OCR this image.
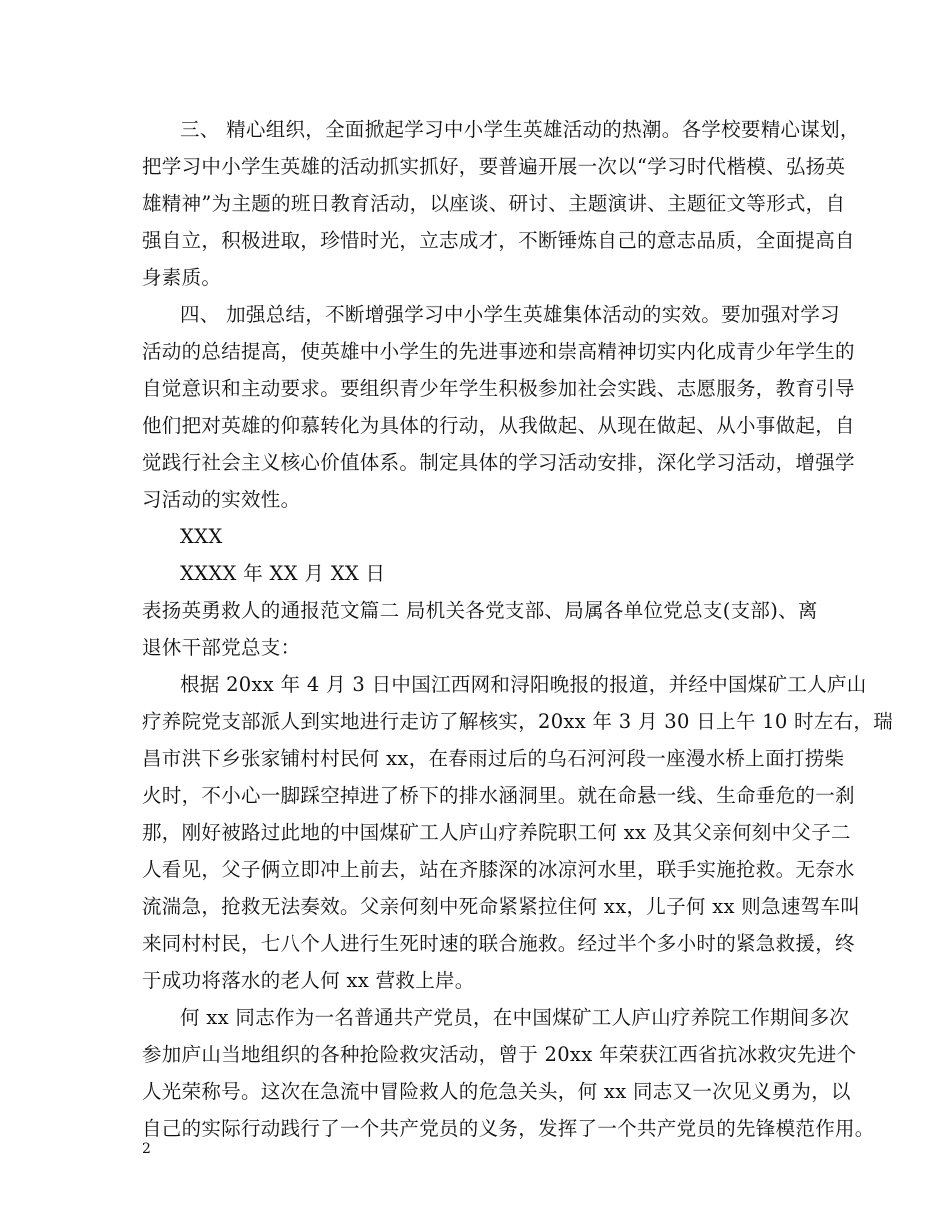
三、 精心组织，全面掀起学习中小学生英雄活动的热潮。各学校要精心谋划，
把学习中小学生英雄的活动抓实抓好，要普遍开展一次以“学习时代楷模、弘扬英
雄精神”为主题的班日教育活动，以座谈、研讨、主题演讲、主题征文等形式，自
强自立，积极进取，珍惜时光，立志成才，不断锤炼自己的意志品质，全面提高自
身素质。
四、 加强总结，不断增强学习中小学生英雄集体活动的实效。要加强对学习
活动的总结提高，使英雄中小学生的先进事迹和崇高精神切实内化成青少年学生的
自觉意识和主动要求。要组织青少年学生积极参加社会实践、志愿服务，教育引导
他们把对英雄的仰慕转化为具体的行动，从我做起、从现在做起、从小事做起，自
觉践行社会主义核心价值体系。制定具体的学习活动安排，深化学习活动，增强学
习活动的实效性。
XXX
XXXX 年 XX 月 XX 日
表扬英勇救人的通报范文篇二 局机关各党支部、局属各单位党总支(支部)、离
退休干部党总支：
根据 20xx 年 4 月 3 日中国江西网和浔阳晚报的报道，并经中国煤矿工人庐山
疗养院党支部派人到实地进行走访了解核实，20xx 年 3 月 30 日上午 10 时左右，瑞
昌市洪下乡张家铺村村民何 xx，在春雨过后的乌石河河段一座漫水桥上面打捞柴
火时，不小心一脚踩空掉进了桥下的排水涵洞里。就在命悬一线、生命垂危的一刹
那，刚好被路过此地的中国煤矿工人庐山疗养院职工何 xx 及其父亲何刻中父子二
人看见，父子俩立即冲上前去，站在齐膝深的冰凉河水里，联手实施抢救。无奈水
流湍急，抢救无法奏效。父亲何刻中死命紧紧拉住何 xx，儿子何 xx 则急速驾车叫
来同村村民，七八个人进行生死时速的联合施救。经过半个多小时的紧急救援，终
于成功将落水的老人何 xx 营救上岸。
何 xx 同志作为一名普通共产党员，在中国煤矿工人庐山疗养院工作期间多次
参加庐山当地组织的各种抢险救灾活动，曾于 20xx 年荣获江西省抗冰救灾先进个
人光荣称号。这次在急流中冒险救人的危急关头，何 xx 同志又一次见义勇为，以
自己的实际行动践行了一个共产党员的义务，发挥了一个共产党员的先锋模范作用。
2
